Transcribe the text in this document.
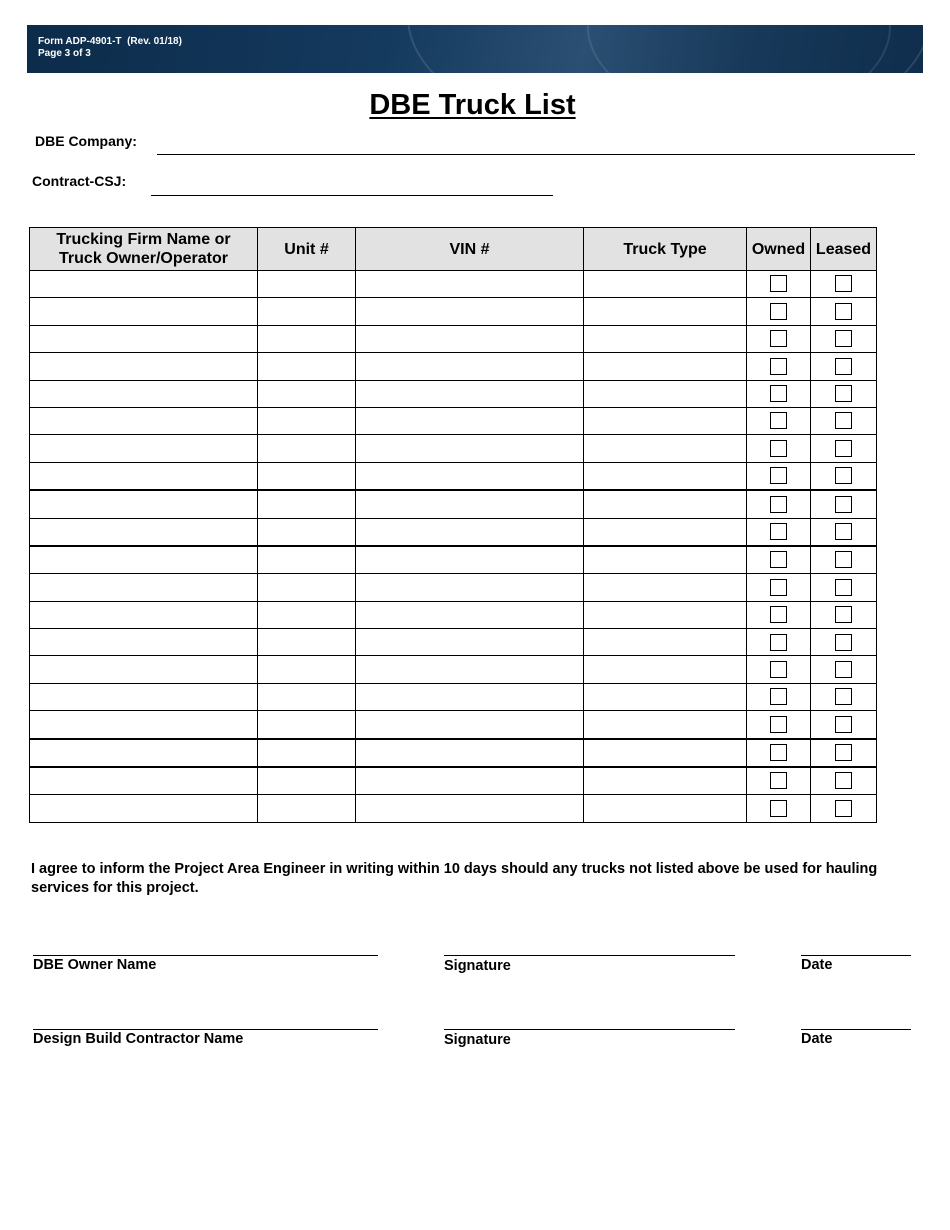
Form ADP-4901-T  (Rev. 01/18)
Page 3 of 3
DBE Truck List
DBE Company:
Contract-CSJ:
Trucking Firm Name or
Truck Owner/Operator	Unit #	VIN #	Truck Type	Owned	Leased

I agree to inform the Project Area Engineer in writing within 10 days should any trucks not listed above be used for hauling services for this project.
DBE Owner Name	Signature	Date
Design Build Contractor Name	Signature	Date
